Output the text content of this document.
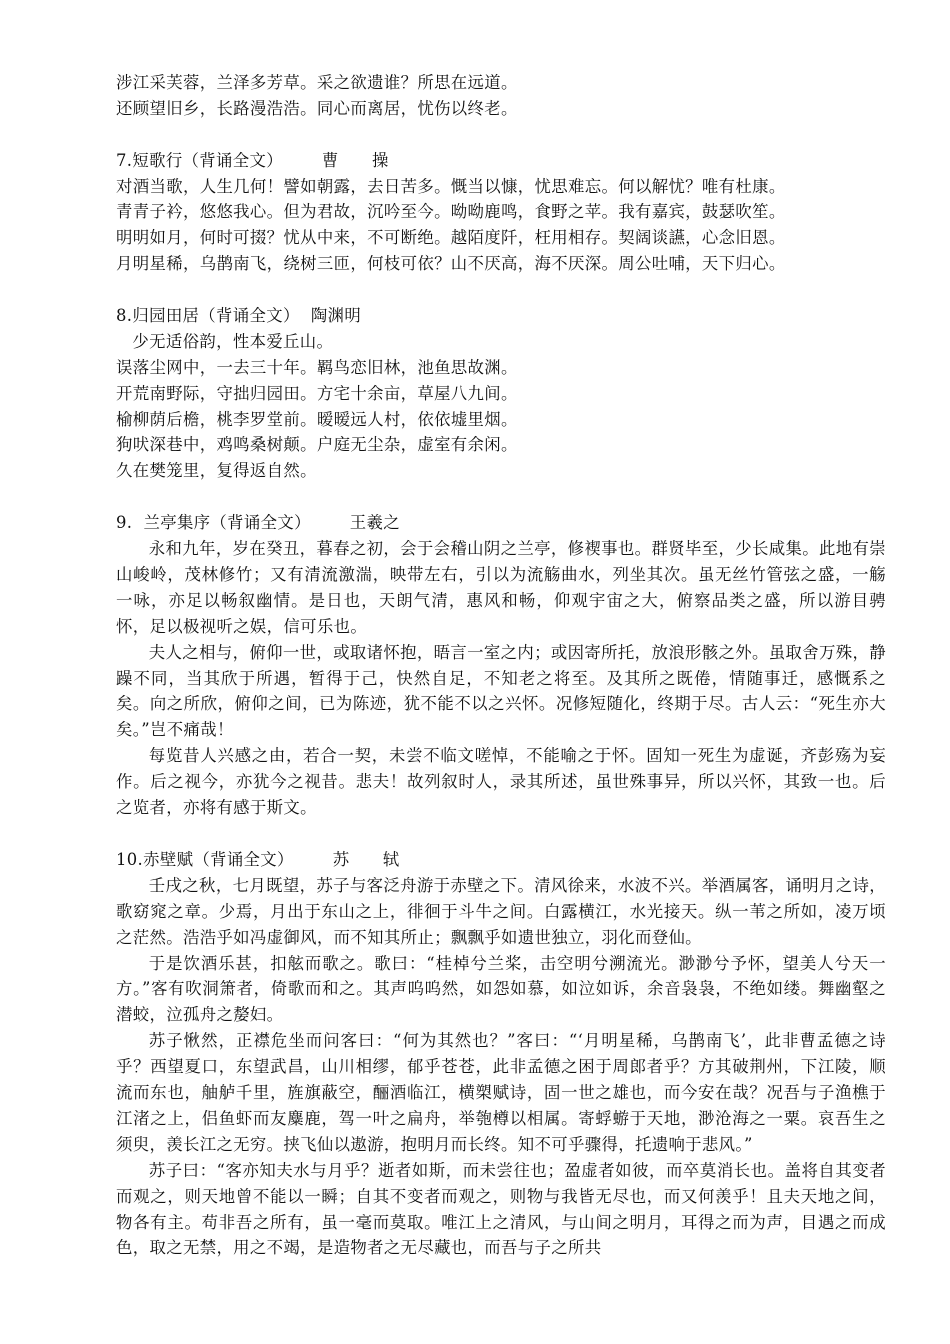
涉江采芙蓉，兰泽多芳草。采之欲遗谁？所思在远道。
还顾望旧乡，长路漫浩浩。同心而离居，忧伤以终老。
7.短歌行（背诵全文）       曹      操
对酒当歌，人生几何！譬如朝露，去日苦多。慨当以慷，忧思难忘。何以解忧？唯有杜康。
青青子衿，悠悠我心。但为君故，沉吟至今。呦呦鹿鸣，食野之苹。我有嘉宾，鼓瑟吹笙。
明明如月，何时可掇？忧从中来，不可断绝。越陌度阡，枉用相存。契阔谈讌，心念旧恩。
月明星稀，乌鹊南飞，绕树三匝，何枝可依？山不厌高，海不厌深。周公吐哺，天下归心。
8.归园田居（背诵全文）  陶渊明
少无适俗韵，性本爱丘山。
误落尘网中，一去三十年。羁鸟恋旧林，池鱼思故渊。
开荒南野际，守拙归园田。方宅十余亩，草屋八九间。
榆柳荫后檐，桃李罗堂前。暧暧远人村，依依墟里烟。
狗吠深巷中，鸡鸣桑树颠。户庭无尘杂，虚室有余闲。
久在樊笼里，复得返自然。
9.  兰亭集序（背诵全文）       王羲之
永和九年，岁在癸丑，暮春之初，会于会稽山阴之兰亭，修褉事也。群贤毕至，少长咸集。此地有崇山峻岭，茂林修竹；又有清流激湍，映带左右，引以为流觞曲水，列坐其次。虽无丝竹管弦之盛，一觞一咏，亦足以畅叙幽情。是日也，天朗气清，惠风和畅，仰观宇宙之大，俯察品类之盛，所以游目骋怀，足以极视听之娱，信可乐也。
夫人之相与，俯仰一世，或取诸怀抱，晤言一室之内；或因寄所托，放浪形骸之外。虽取舍万殊，静躁不同，当其欣于所遇，暂得于己，快然自足，不知老之将至。及其所之既倦，情随事迁，感慨系之矣。向之所欣，俯仰之间，已为陈迹，犹不能不以之兴怀。况修短随化，终期于尽。古人云：“死生亦大矣。”岂不痛哉！
每览昔人兴感之由，若合一契，未尝不临文嗟悼，不能喻之于怀。固知一死生为虚诞，齐彭殇为妄作。后之视今，亦犹今之视昔。悲夫！故列叙时人，录其所述，虽世殊事异，所以兴怀，其致一也。后之览者，亦将有感于斯文。
10.赤壁赋（背诵全文）       苏      轼
壬戌之秋，七月既望，苏子与客泛舟游于赤壁之下。清风徐来，水波不兴。举酒属客，诵明月之诗，歌窈窕之章。少焉，月出于东山之上，徘徊于斗牛之间。白露横江，水光接天。纵一苇之所如，凌万顷之茫然。浩浩乎如冯虚御风，而不知其所止；飘飘乎如遗世独立，羽化而登仙。
于是饮酒乐甚，扣舷而歌之。歌曰：“桂棹兮兰桨，击空明兮溯流光。渺渺兮予怀，望美人兮天一方。”客有吹洞箫者，倚歌而和之。其声呜呜然，如怨如慕，如泣如诉，余音袅袅，不绝如缕。舞幽壑之潜蛟，泣孤舟之嫠妇。
苏子愀然，正襟危坐而问客曰：“何为其然也？”客曰：“‘月明星稀，乌鹊南飞’，此非曹孟德之诗乎？西望夏口，东望武昌，山川相缪，郁乎苍苍，此非孟德之困于周郎者乎？方其破荆州，下江陵，顺流而东也，舳舻千里，旌旗蔽空，酾酒临江，横槊赋诗，固一世之雄也，而今安在哉？况吾与子渔樵于江渚之上，侣鱼虾而友麋鹿，驾一叶之扁舟，举匏樽以相属。寄蜉蝣于天地，渺沧海之一粟。哀吾生之须臾，羡长江之无穷。挟飞仙以遨游，抱明月而长终。知不可乎骤得，托遗响于悲风。”
苏子曰：“客亦知夫水与月乎？逝者如斯，而未尝往也；盈虚者如彼，而卒莫消长也。盖将自其变者而观之，则天地曾不能以一瞬；自其不变者而观之，则物与我皆无尽也，而又何羡乎！且夫天地之间，物各有主。苟非吾之所有，虽一毫而莫取。唯江上之清风，与山间之明月，耳得之而为声，目遇之而成色，取之无禁，用之不竭，是造物者之无尽藏也，而吾与子之所共
